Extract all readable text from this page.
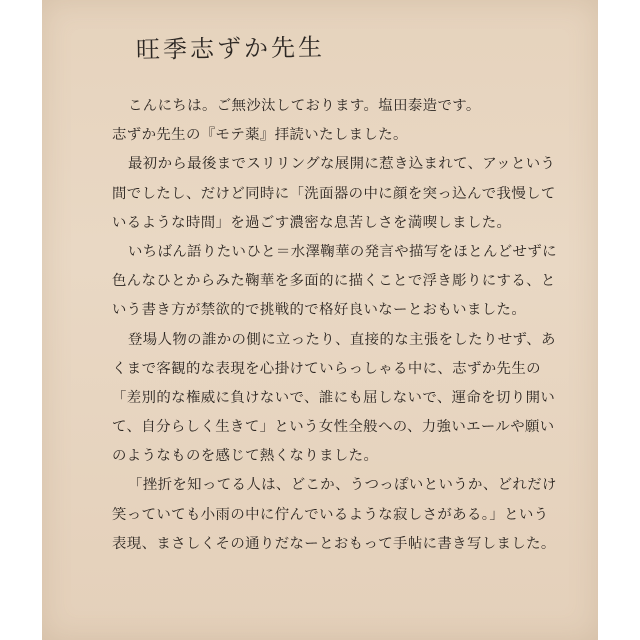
旺季志ずか先生
こんにちは。ご無沙汰しております。塩田泰造です。
志ずか先生の『モテ薬』拝読いたしました。
最初から最後までスリリングな展開に惹き込まれて、アッという
間でしたし、だけど同時に「洗面器の中に顔を突っ込んで我慢して
いるような時間」を過ごす濃密な息苦しさを満喫しました。
いちばん語りたいひと＝水澤鞠華の発言や描写をほとんどせずに
色んなひとからみた鞠華を多面的に描くことで浮き彫りにする、と
いう書き方が禁欲的で挑戦的で格好良いなーとおもいました。
登場人物の誰かの側に立ったり、直接的な主張をしたりせず、あ
くまで客観的な表現を心掛けていらっしゃる中に、志ずか先生の
「差別的な権威に負けないで、誰にも屈しないで、運命を切り開い
て、自分らしく生きて」という女性全般への、力強いエールや願い
のようなものを感じて熱くなりました。
「挫折を知ってる人は、どこか、うつっぽいというか、どれだけ
笑っていても小雨の中に佇んでいるような寂しさがある。」という
表現、まさしくその通りだなーとおもって手帖に書き写しました。
